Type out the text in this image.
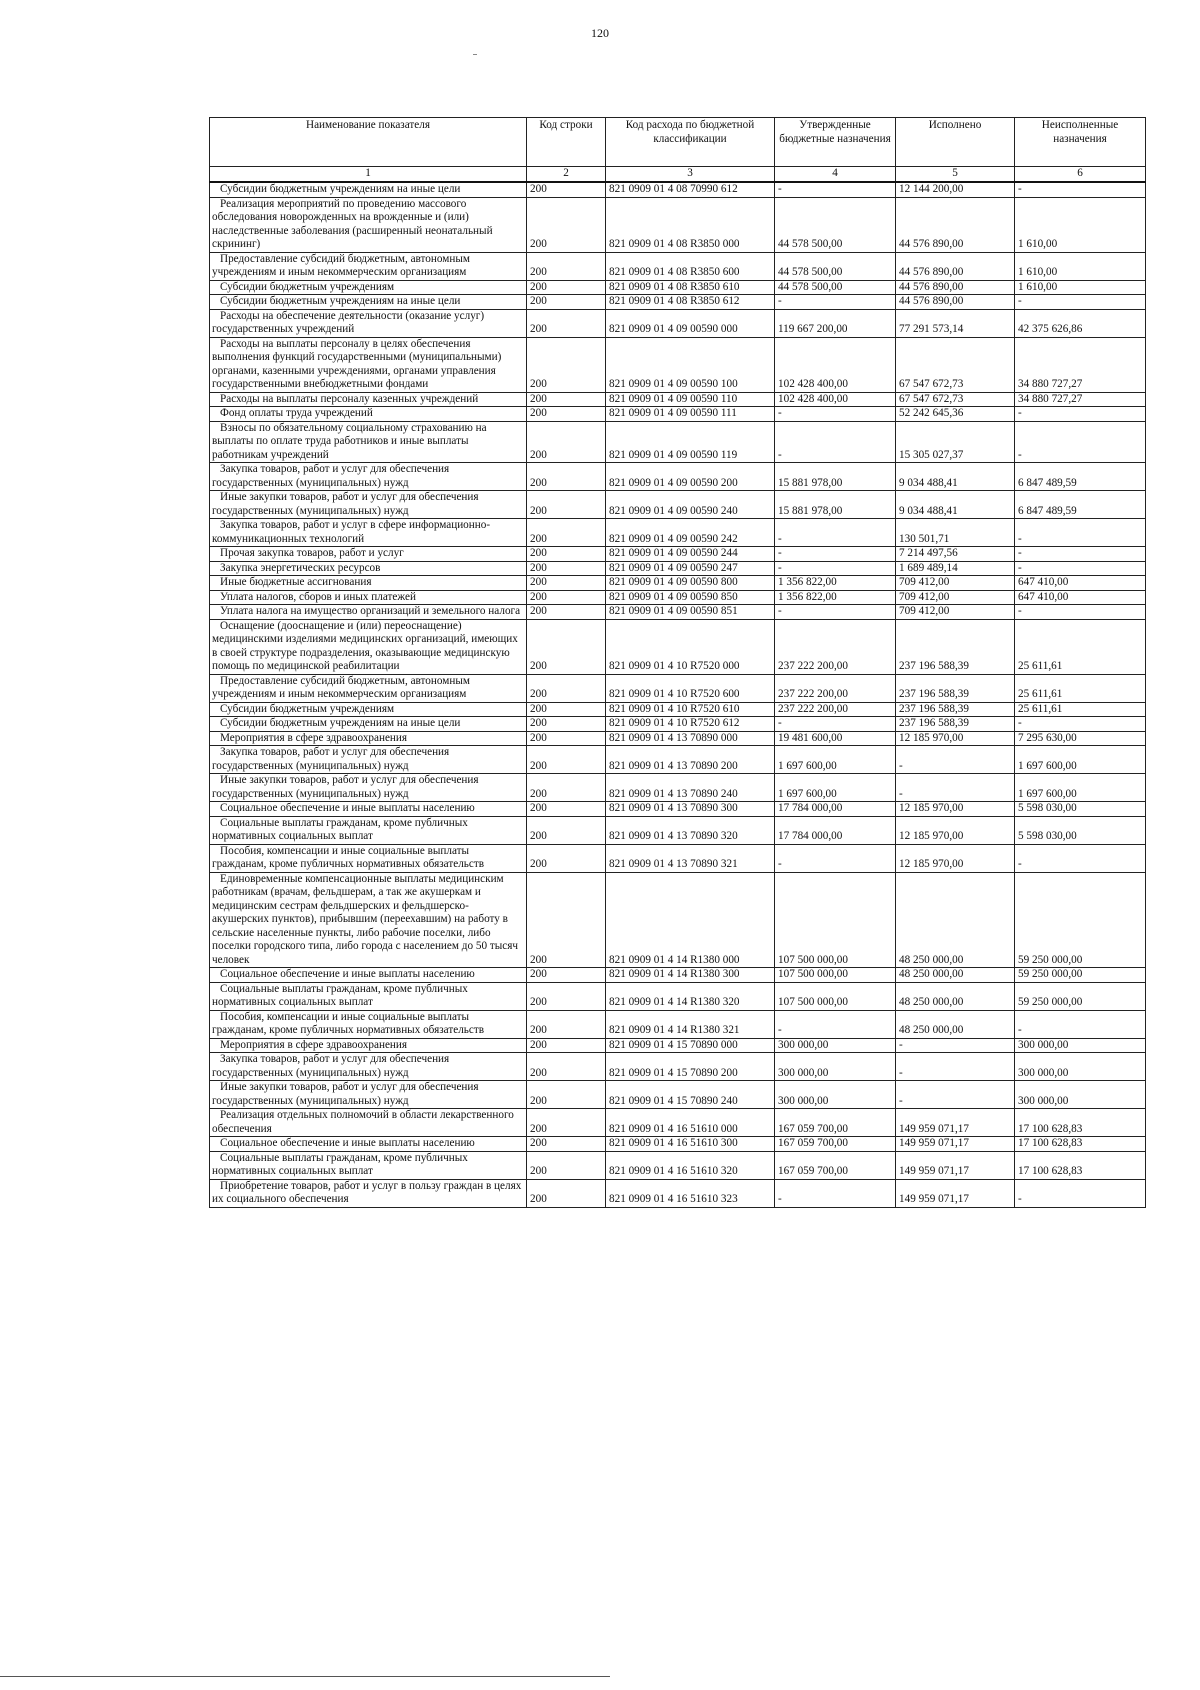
120
Наименование показателя	Код строки	Код расхода по бюджетной классификации	Утвержденные бюджетные назначения	Исполнено	Неисполненные назначения
1	2	3	4	5	6
Субсидии бюджетным учреждениям на иные цели	200	821 0909 01 4 08 70990 612	-	12 144 200,00	-
Реализация мероприятий по проведению массового обследования новорожденных на врожденные и (или) наследственные заболевания (расширенный неонатальный скрининг)	200	821 0909 01 4 08 R3850 000	44 578 500,00	44 576 890,00	1 610,00
Предоставление субсидий бюджетным, автономным учреждениям и иным некоммерческим организациям	200	821 0909 01 4 08 R3850 600	44 578 500,00	44 576 890,00	1 610,00
Субсидии бюджетным учреждениям	200	821 0909 01 4 08 R3850 610	44 578 500,00	44 576 890,00	1 610,00
Субсидии бюджетным учреждениям на иные цели	200	821 0909 01 4 08 R3850 612	-	44 576 890,00	-
Расходы на обеспечение деятельности (оказание услуг) государственных учреждений	200	821 0909 01 4 09 00590 000	119 667 200,00	77 291 573,14	42 375 626,86
Расходы на выплаты персоналу в целях обеспечения выполнения функций государственными (муниципальными) органами, казенными учреждениями, органами управления государственными внебюджетными фондами	200	821 0909 01 4 09 00590 100	102 428 400,00	67 547 672,73	34 880 727,27
Расходы на выплаты персоналу казенных учреждений	200	821 0909 01 4 09 00590 110	102 428 400,00	67 547 672,73	34 880 727,27
Фонд оплаты труда учреждений	200	821 0909 01 4 09 00590 111	-	52 242 645,36	-
Взносы по обязательному социальному страхованию на выплаты по оплате труда работников и иные выплаты работникам учреждений	200	821 0909 01 4 09 00590 119	-	15 305 027,37	-
Закупка товаров, работ и услуг для обеспечения государственных (муниципальных) нужд	200	821 0909 01 4 09 00590 200	15 881 978,00	9 034 488,41	6 847 489,59
Иные закупки товаров, работ и услуг для обеспечения государственных (муниципальных) нужд	200	821 0909 01 4 09 00590 240	15 881 978,00	9 034 488,41	6 847 489,59
Закупка товаров, работ и услуг в сфере информационно-коммуникационных технологий	200	821 0909 01 4 09 00590 242	-	130 501,71	-
Прочая закупка товаров, работ и услуг	200	821 0909 01 4 09 00590 244	-	7 214 497,56	-
Закупка энергетических ресурсов	200	821 0909 01 4 09 00590 247	-	1 689 489,14	-
Иные бюджетные ассигнования	200	821 0909 01 4 09 00590 800	1 356 822,00	709 412,00	647 410,00
Уплата налогов, сборов и иных платежей	200	821 0909 01 4 09 00590 850	1 356 822,00	709 412,00	647 410,00
Уплата налога на имущество организаций и земельного налога	200	821 0909 01 4 09 00590 851	-	709 412,00	-
Оснащение (дооснащение и (или) переоснащение) медицинскими изделиями медицинских организаций, имеющих в своей структуре подразделения, оказывающие медицинскую помощь по медицинской реабилитации	200	821 0909 01 4 10 R7520 000	237 222 200,00	237 196 588,39	25 611,61
Предоставление субсидий бюджетным, автономным учреждениям и иным некоммерческим организациям	200	821 0909 01 4 10 R7520 600	237 222 200,00	237 196 588,39	25 611,61
Субсидии бюджетным учреждениям	200	821 0909 01 4 10 R7520 610	237 222 200,00	237 196 588,39	25 611,61
Субсидии бюджетным учреждениям на иные цели	200	821 0909 01 4 10 R7520 612	-	237 196 588,39	-
Мероприятия в сфере здравоохранения	200	821 0909 01 4 13 70890 000	19 481 600,00	12 185 970,00	7 295 630,00
Закупка товаров, работ и услуг для обеспечения государственных (муниципальных) нужд	200	821 0909 01 4 13 70890 200	1 697 600,00	-	1 697 600,00
Иные закупки товаров, работ и услуг для обеспечения государственных (муниципальных) нужд	200	821 0909 01 4 13 70890 240	1 697 600,00	-	1 697 600,00
Социальное обеспечение и иные выплаты населению	200	821 0909 01 4 13 70890 300	17 784 000,00	12 185 970,00	5 598 030,00
Социальные выплаты гражданам, кроме публичных нормативных социальных выплат	200	821 0909 01 4 13 70890 320	17 784 000,00	12 185 970,00	5 598 030,00
Пособия, компенсации и иные социальные выплаты гражданам, кроме публичных нормативных обязательств	200	821 0909 01 4 13 70890 321	-	12 185 970,00	-
Единовременные компенсационные выплаты медицинским работникам (врачам, фельдшерам, а так же акушеркам и медицинским сестрам фельдшерских и фельдшерско-акушерских пунктов), прибывшим (переехавшим) на работу в сельские населенные пункты, либо рабочие поселки, либо поселки городского типа, либо города с населением до 50 тысяч человек	200	821 0909 01 4 14 R1380 000	107 500 000,00	48 250 000,00	59 250 000,00
Социальное обеспечение и иные выплаты населению	200	821 0909 01 4 14 R1380 300	107 500 000,00	48 250 000,00	59 250 000,00
Социальные выплаты гражданам, кроме публичных нормативных социальных выплат	200	821 0909 01 4 14 R1380 320	107 500 000,00	48 250 000,00	59 250 000,00
Пособия, компенсации и иные социальные выплаты гражданам, кроме публичных нормативных обязательств	200	821 0909 01 4 14 R1380 321	-	48 250 000,00	-
Мероприятия в сфере здравоохранения	200	821 0909 01 4 15 70890 000	300 000,00	-	300 000,00
Закупка товаров, работ и услуг для обеспечения государственных (муниципальных) нужд	200	821 0909 01 4 15 70890 200	300 000,00	-	300 000,00
Иные закупки товаров, работ и услуг для обеспечения государственных (муниципальных) нужд	200	821 0909 01 4 15 70890 240	300 000,00	-	300 000,00
Реализация отдельных полномочий в области лекарственного обеспечения	200	821 0909 01 4 16 51610 000	167 059 700,00	149 959 071,17	17 100 628,83
Социальное обеспечение и иные выплаты населению	200	821 0909 01 4 16 51610 300	167 059 700,00	149 959 071,17	17 100 628,83
Социальные выплаты гражданам, кроме публичных нормативных социальных выплат	200	821 0909 01 4 16 51610 320	167 059 700,00	149 959 071,17	17 100 628,83
Приобретение товаров, работ и услуг в пользу граждан в целях их социального обеспечения	200	821 0909 01 4 16 51610 323	-	149 959 071,17	-
